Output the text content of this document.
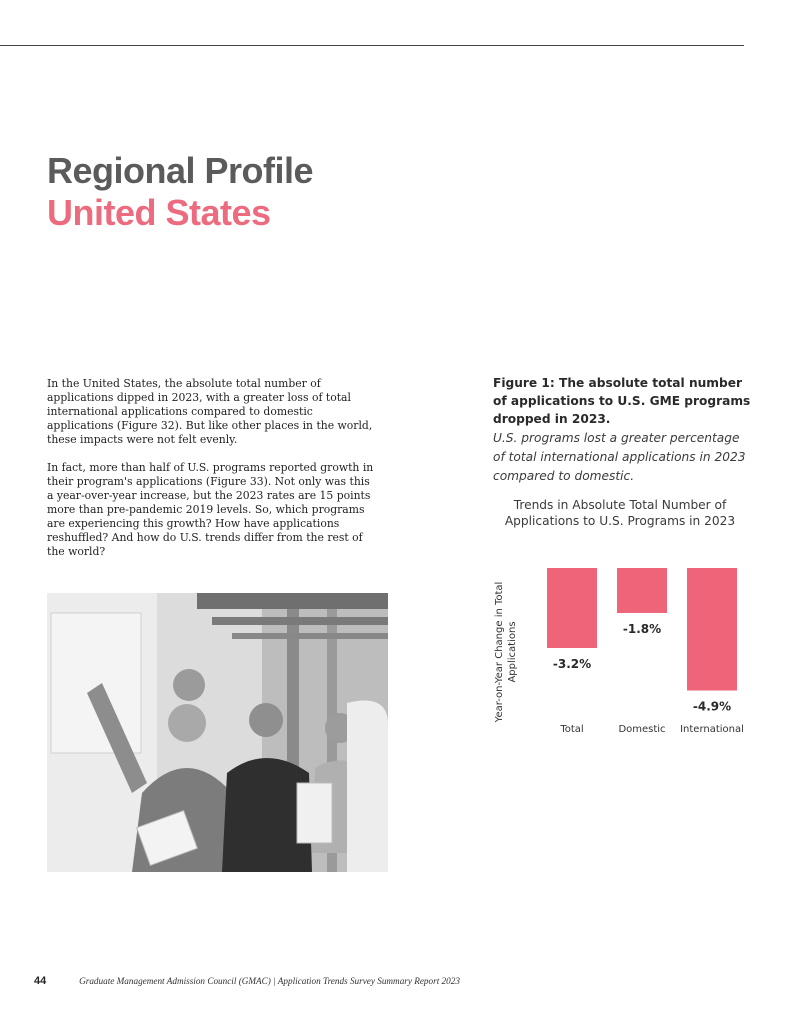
Regional Profile
United States

In the United States, the absolute total number of applications dipped in 2023, with a greater loss of total international applications compared to domestic applications (Figure 32). But like other places in the world, these impacts were not felt evenly.

In fact, more than half of U.S. programs reported growth in their program's applications (Figure 33). Not only was this a year-over-year increase, but the 2023 rates are 15 points more than pre-pandemic 2019 levels. So, which programs are experiencing this growth? How have applications reshuffled? And how do U.S. trends differ from the rest of the world?

Figure 1: The absolute total number of applications to U.S. GME programs dropped in 2023.
U.S. programs lost a greater percentage of total international applications in 2023 compared to domestic.
Trends in Absolute Total Number of Applications to U.S. Programs in 2023
Year-on-Year Change in Total Applications	-3.2%
Total
-1.8%
Domestic
-4.9%
International
44	Graduate Management Admission Council (GMAC) | Application Trends Survey Summary Report 2023
